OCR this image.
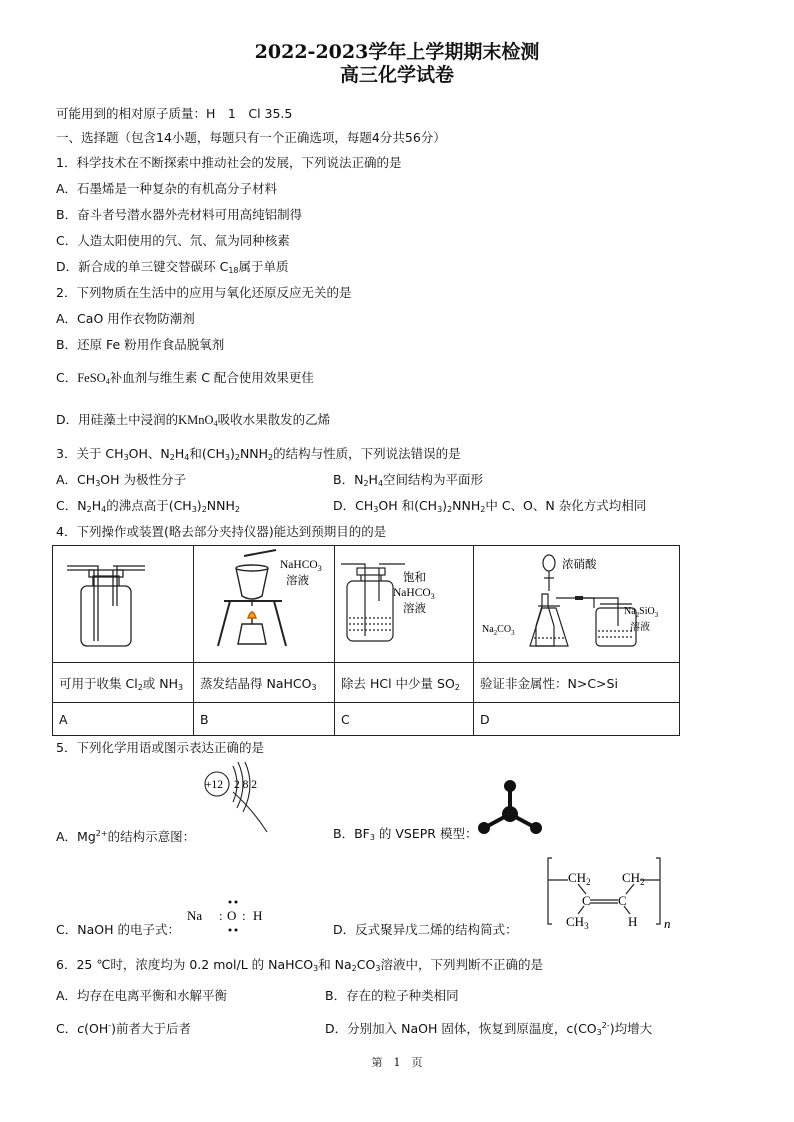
2022-2023学年上学期期末检测
高三化学试卷
可能用到的相对原子质量：H　1　Cl 35.5
一、选择题（包含14小题，每题只有一个正确选项，每题4分共56分）
1．科学技术在不断探索中推动社会的发展，下列说法正确的是
A．石墨烯是一种复杂的有机高分子材料
B．奋斗者号潜水器外壳材料可用高纯铝制得
C．人造太阳使用的氕、氘、氚为同种核素
D．新合成的单三键交替碳环 $C_{18}$属于单质
2．下列物质在生活中的应用与氧化还原反应无关的是
A．CaO 用作衣物防潮剂
B．还原 Fe 粉用作食品脱氧剂
C．FeSO$_4$补血剂与维生素 C 配合使用效果更佳
D．用硅藻土中浸润的KMnO$_4$吸收水果散发的乙烯
3．关于 $CH_3OH$、$N_2H_4$和$(CH_3)_2NNH_2$的结构与性质，下列说法错误的是
A．$CH_3OH$ 为极性分子	B．$N_2H_4$空间结构为平面形
C．$N_2H_4$的沸点高于$(CH_3)_2NNH_2$	D．$CH_3OH$ 和$(CH_3)_2NNH_2$中 C、O、N 杂化方式均相同
4．下列操作或装置(略去部分夹持仪器)能达到预期目的的是

NaHCO$_3$
溶液	饱和
NaHCO$_3$
溶液	浓硝酸
$Na_2CO_3$
$Na_2SiO_3$
溶液

可用于收集 $Cl_2$或 $NH_3$	蒸发结晶得 NaHCO$_3$	除去 HCl 中少量 $SO_2$	验证非金属性：N>C>Si
A	B	C	D
5．下列化学用语或图示表达正确的是
+12 2 8 2
A．$Mg^{2+}$的结构示意图：	B．$BF_3$ 的 VSEPR 模型：
C．NaOH 的电子式：
Na : O : H
D．反式聚异戊二烯的结构简式：
$CH_2$ $CH_2$
C C
$CH_3$	H n
6．25 ℃时，浓度均为 0.2 mol/L 的 NaHCO$_3$和 $Na_2CO_3$溶液中，下列判断不正确的是
A．均存在电离平衡和水解平衡	B．存在的粒子种类相同
C．c(OH-)前者大于后者	D．分别加入 NaOH 固体，恢复到原温度，$c(CO_3^{2-})$均增大
第　1　页
